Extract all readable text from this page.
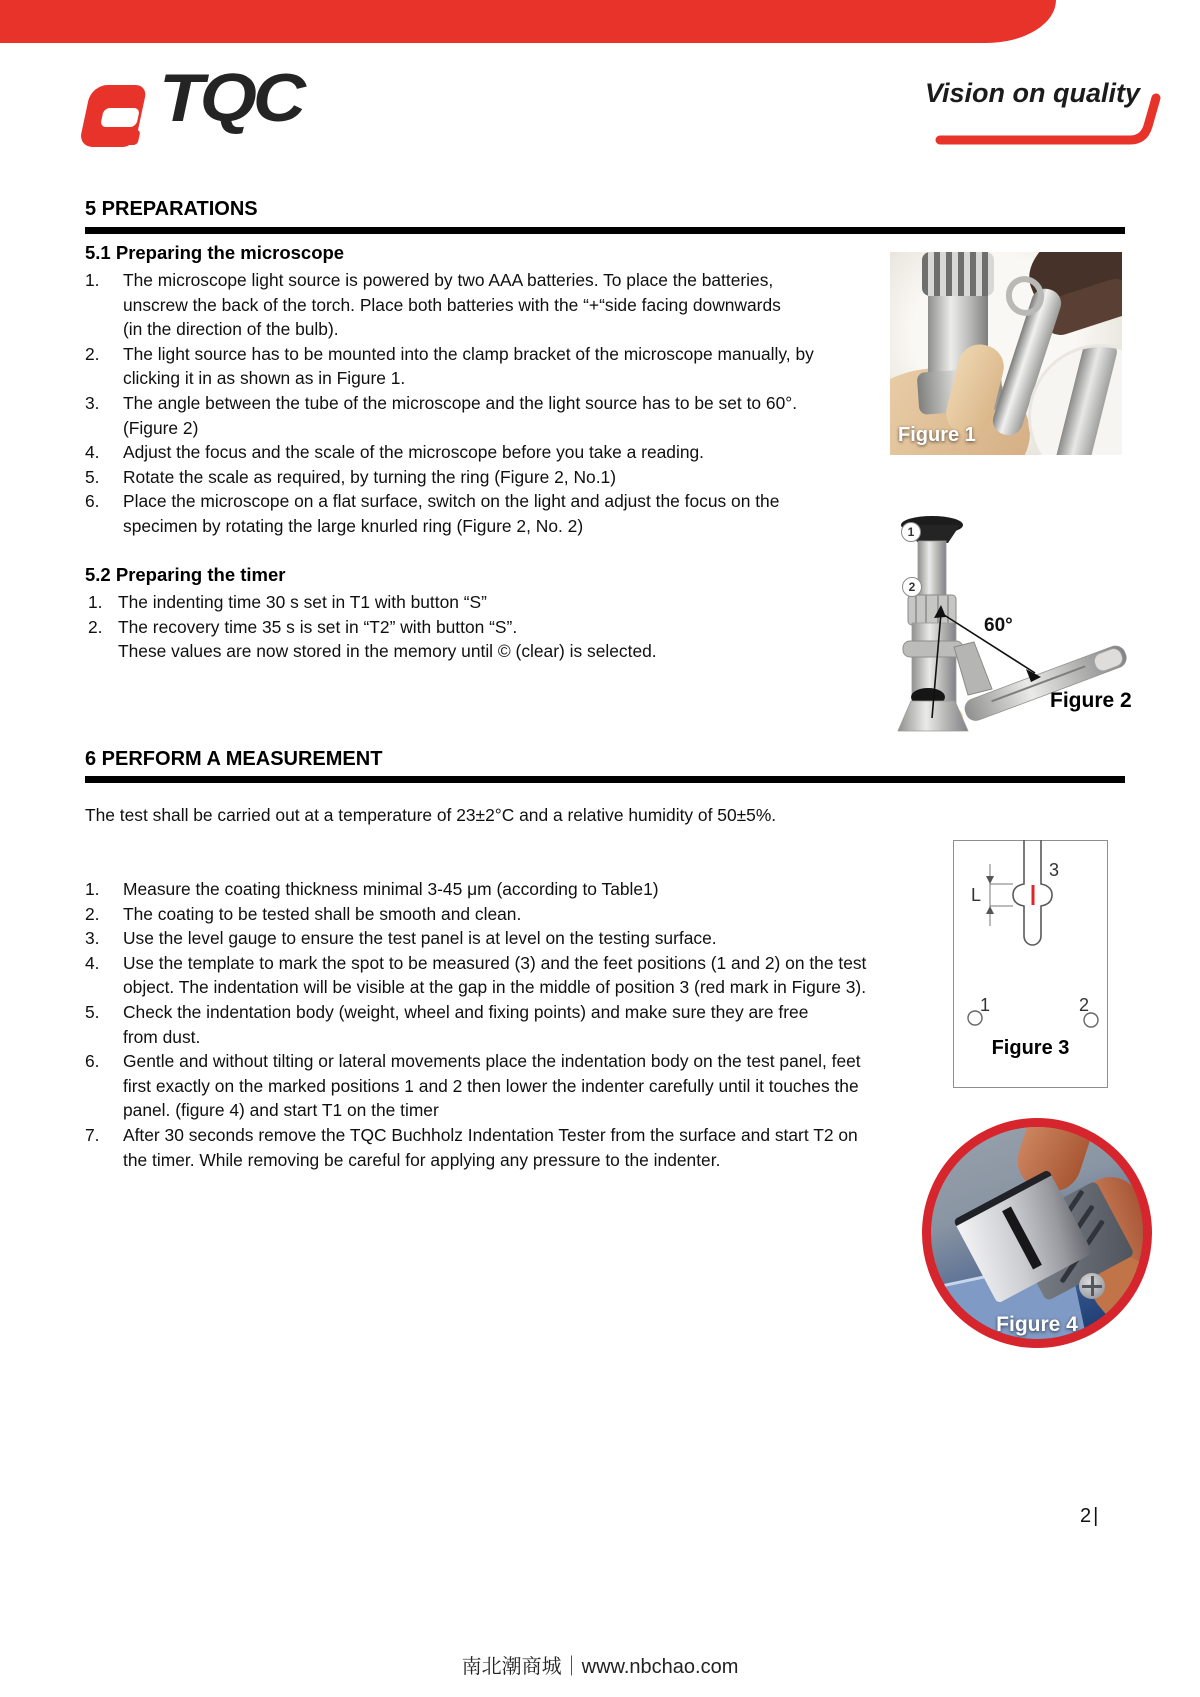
TQC	Vision on quality
5 PREPARATIONS
5.1 Preparing the microscope
1.	The microscope light source is powered by two AAA batteries. To place the batteries, unscrew the back of the torch. Place both batteries with the “+“side facing downwards (in the direction of the bulb).
2.	The light source has to be mounted into the clamp bracket of the microscope manually, by clicking it in as shown as in Figure 1.
3.	The angle between the tube of the microscope and the light source has to be set to 60°. (Figure 2)
4.	Adjust the focus and the scale of the microscope before you take a reading.
5.	Rotate the scale as required, by turning the ring (Figure 2, No.1)
6.	Place the microscope on a flat surface, switch on the light and adjust the focus on the specimen by rotating the large knurled ring (Figure 2, No. 2)
5.2 Preparing the timer
1. The indenting time 30 s set in T1 with button “S”
2. The recovery time 35 s is set in “T2” with button “S”.
These values are now stored in the memory until © (clear) is selected.
6 PERFORM A MEASUREMENT
The test shall be carried out at a temperature of 23±2°C and a relative humidity of 50±5%.
1.	Measure the coating thickness minimal 3-45 μm (according to Table1)
2.	The coating to be tested shall be smooth and clean.
3.	Use the level gauge to ensure the test panel is at level on the testing surface.
4.	Use the template to mark the spot to be measured (3) and the feet positions (1 and 2) on the test object. The indentation will be visible at the gap in the middle of position 3 (red mark in Figure 3).
5.	Check the indentation body (weight, wheel and fixing points) and make sure they are free from dust.
6.	Gentle and without tilting or lateral movements place the indentation body on the test panel, feet first exactly on the marked positions 1 and 2 then lower the indenter carefully until it touches the panel. (figure 4) and start T1 on the timer
7.	After 30 seconds remove the TQC Buchholz Indentation Tester from the surface and start T2 on the timer. While removing be careful for applying any pressure to the indenter.
Figure 1
1
2
60°
Figure 2
3
L
1	2
Figure 3
Figure 4
2|
南北潮商城｜www.nbchao.com
